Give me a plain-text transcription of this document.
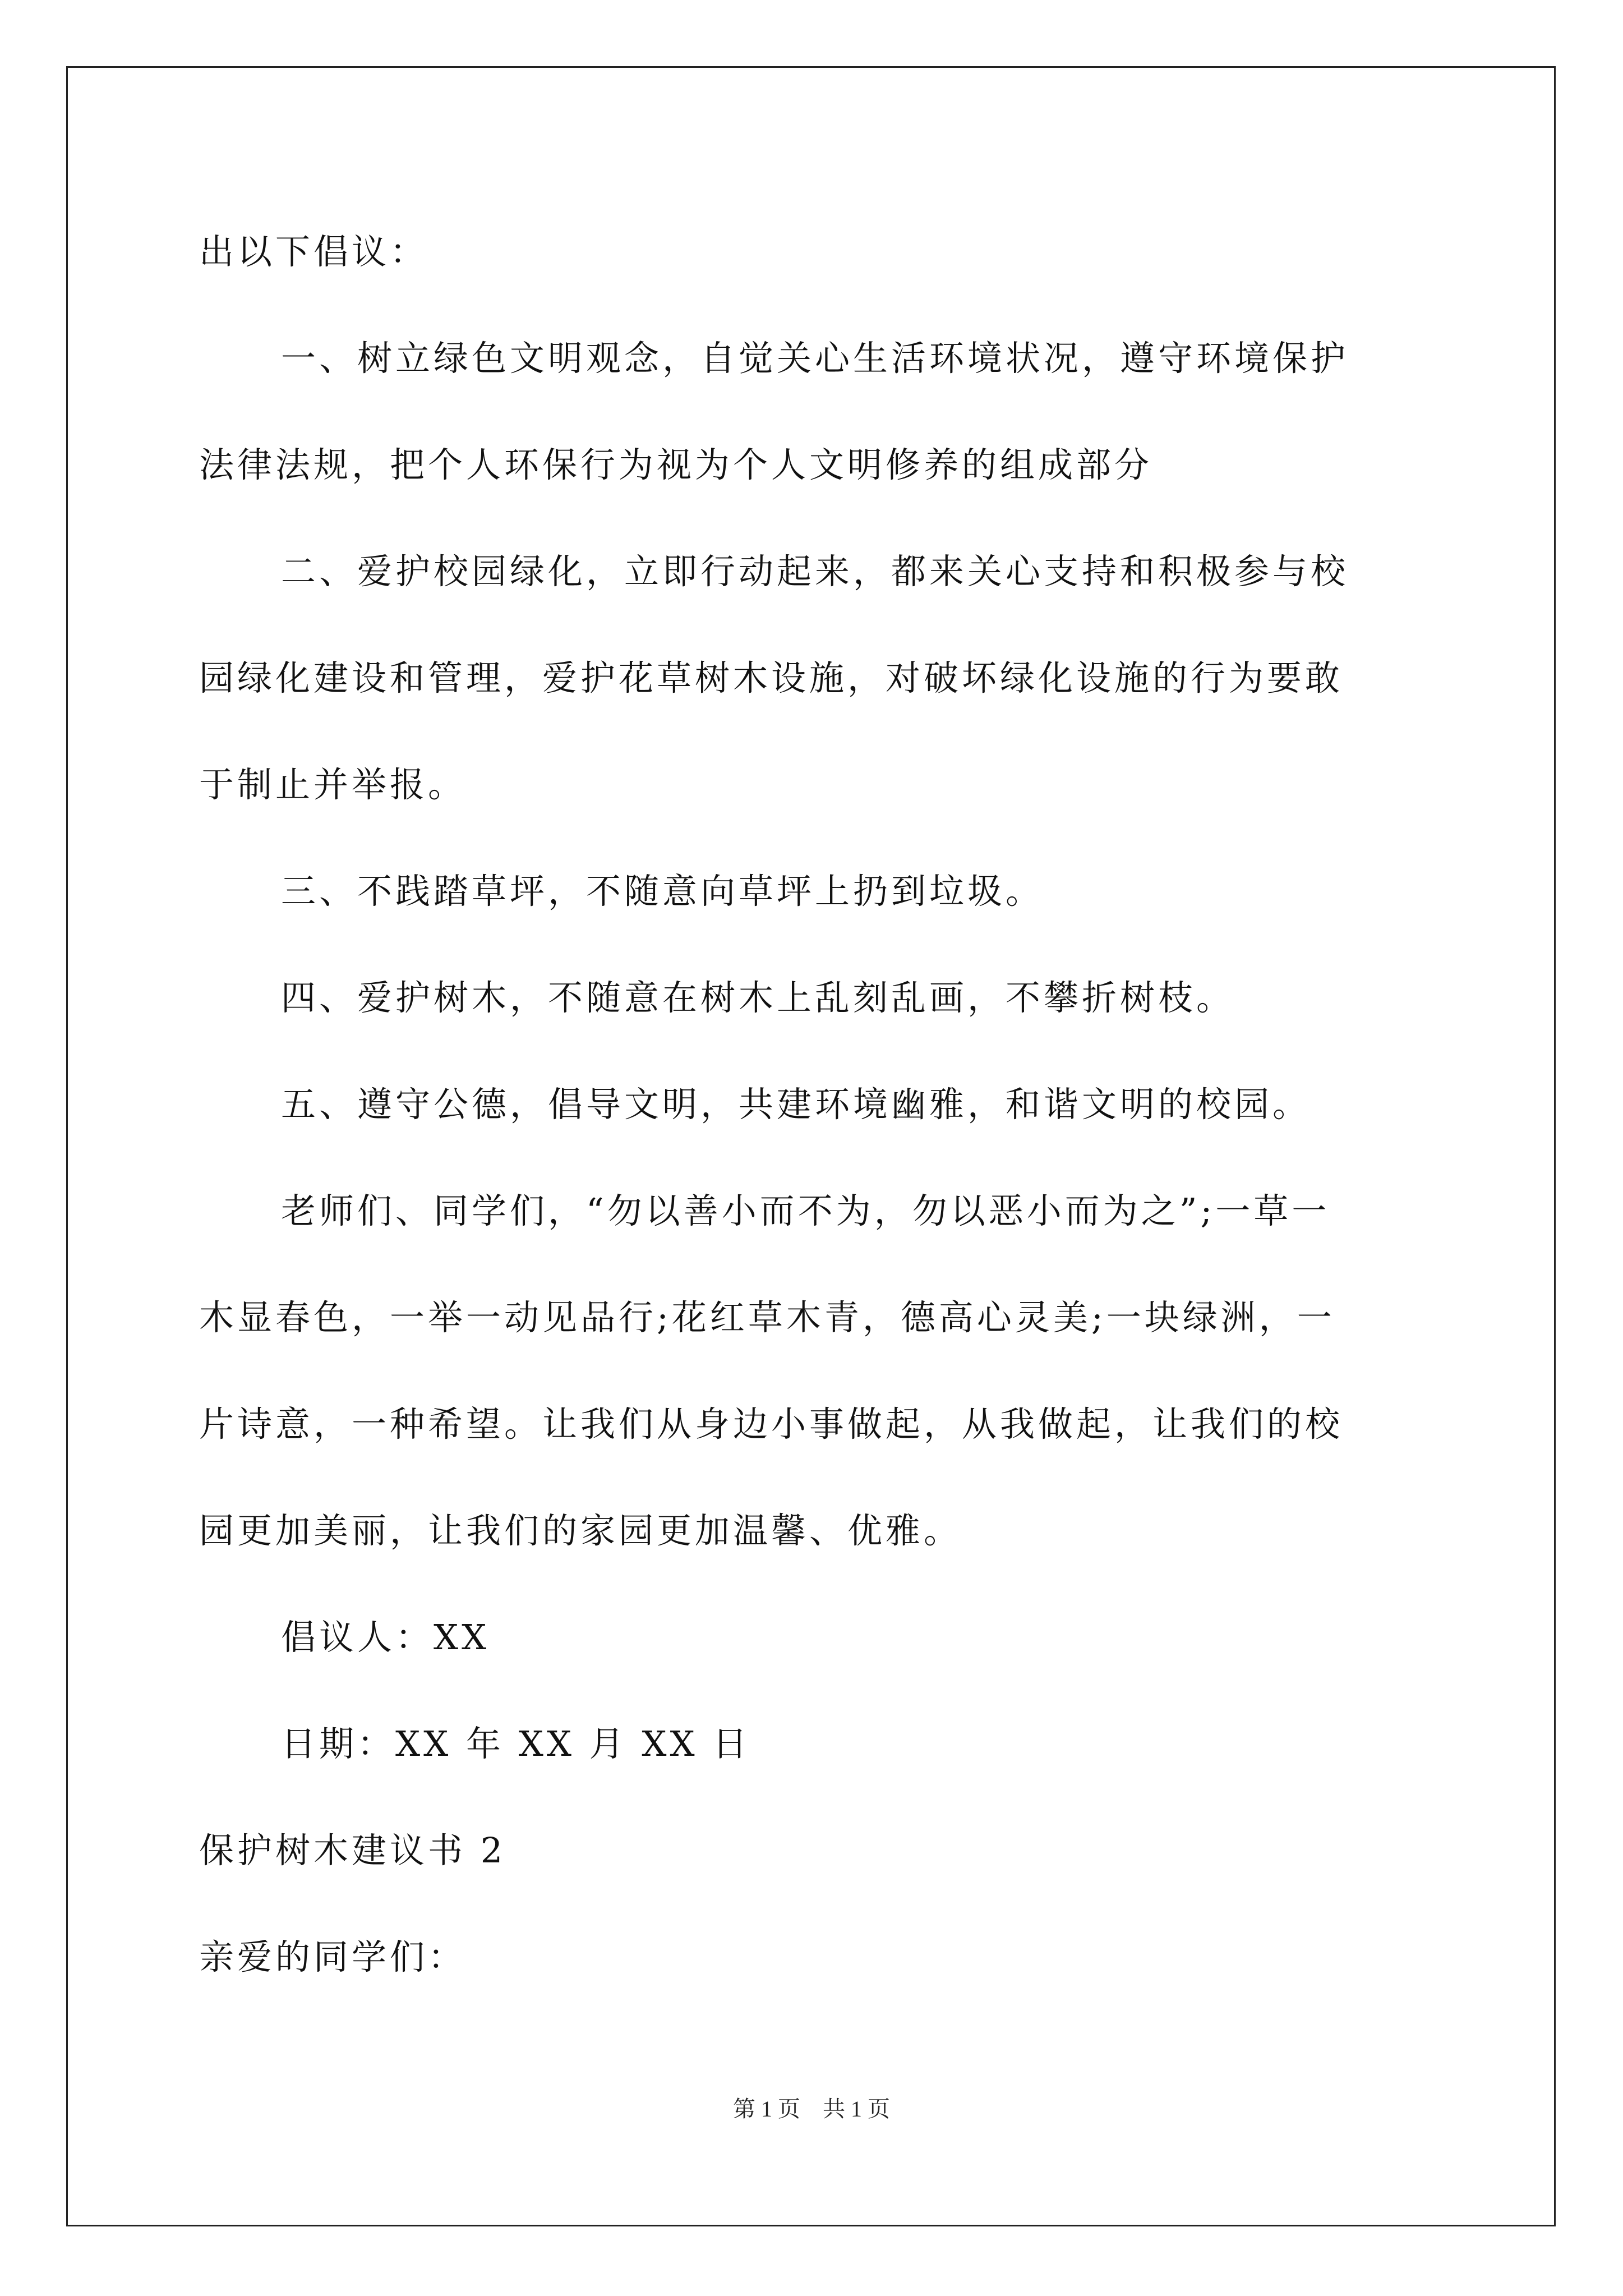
出以下倡议：
一、树立绿色文明观念，自觉关心生活环境状况，遵守环境保护
法律法规，把个人环保行为视为个人文明修养的组成部分
二、爱护校园绿化，立即行动起来，都来关心支持和积极参与校
园绿化建设和管理，爱护花草树木设施，对破坏绿化设施的行为要敢
于制止并举报。
三、不践踏草坪，不随意向草坪上扔到垃圾。
四、爱护树木，不随意在树木上乱刻乱画，不攀折树枝。
五、遵守公德，倡导文明，共建环境幽雅，和谐文明的校园。
老师们、同学们，“勿以善小而不为，勿以恶小而为之”;一草一
木显春色，一举一动见品行;花红草木青，德高心灵美;一块绿洲，一
片诗意，一种希望。让我们从身边小事做起，从我做起，让我们的校
园更加美丽，让我们的家园更加温馨、优雅。
倡议人：XX
日期：XX 年 XX 月 XX 日
保护树木建议书 2
亲爱的同学们：
第 1 页　共 1 页
